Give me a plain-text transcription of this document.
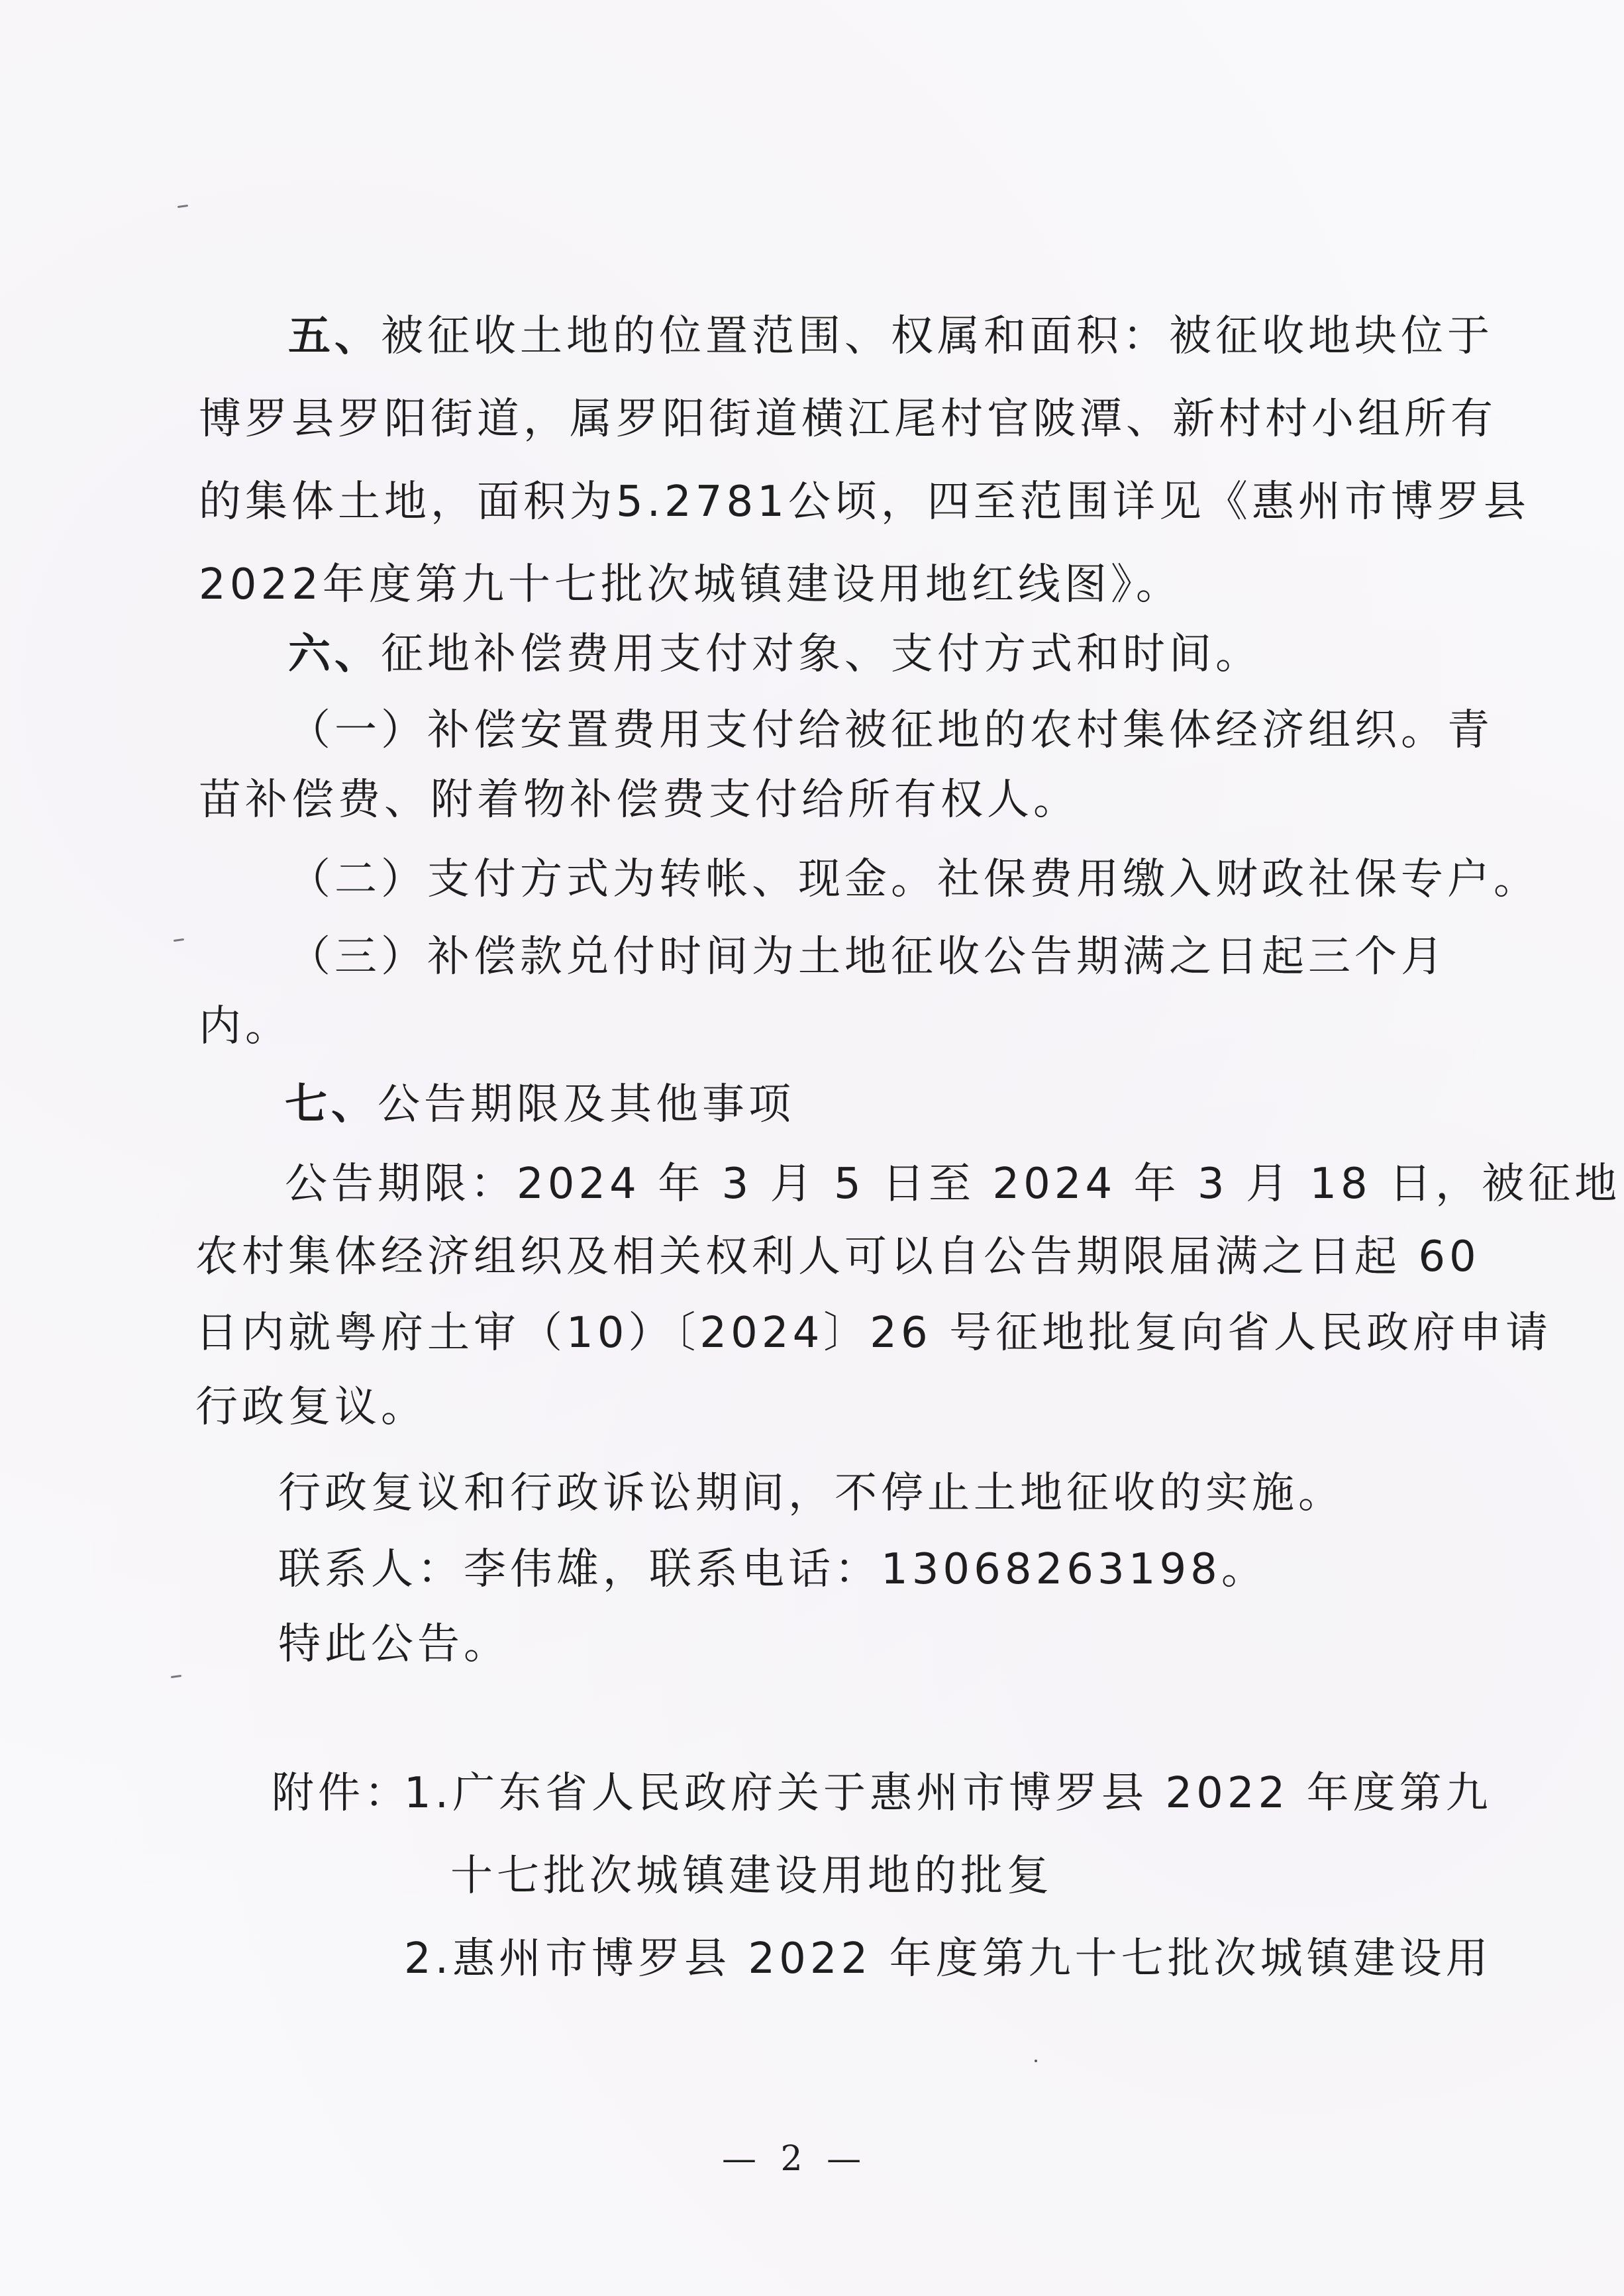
五、被征收土地的位置范围、权属和面积：被征收地块位于
博罗县罗阳街道，属罗阳街道横江尾村官陂潭、新村村小组所有
的集体土地，面积为5.2781公顷，四至范围详见《惠州市博罗县
2022年度第九十七批次城镇建设用地红线图》。
六、征地补偿费用支付对象、支付方式和时间。
（一）补偿安置费用支付给被征地的农村集体经济组织。青
苗补偿费、附着物补偿费支付给所有权人。
（二）支付方式为转帐、现金。社保费用缴入财政社保专户。
（三）补偿款兑付时间为土地征收公告期满之日起三个月
内。
七、公告期限及其他事项
公告期限：2024 年 3 月 5 日至 2024 年 3 月 18 日，被征地
农村集体经济组织及相关权利人可以自公告期限届满之日起 60
日内就粤府土审（10）〔2024〕26 号征地批复向省人民政府申请
行政复议。
行政复议和行政诉讼期间，不停止土地征收的实施。
联系人：李伟雄，联系电话：13068263198。
特此公告。
附件：
1.广东省人民政府关于惠州市博罗县 2022 年度第九
十七批次城镇建设用地的批复
2.惠州市博罗县 2022 年度第九十七批次城镇建设用
— 2 —
